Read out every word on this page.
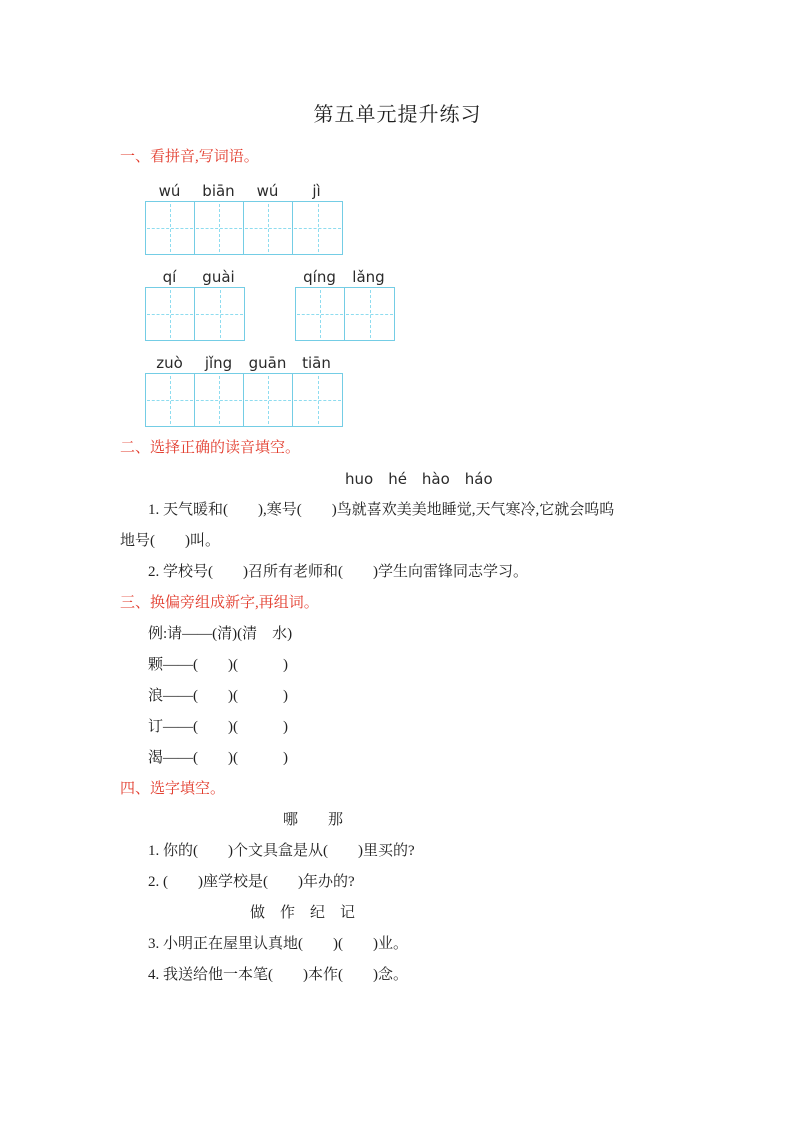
第五单元提升练习
一、看拼音,写词语。
wú	biān	wú	jì
qí	guài	qíng	lǎng
zuò	jǐng	guān	tiān
二、选择正确的读音填空。

huo　hé　hào　háo

1. 天气暖和(　　),寒号(　　)鸟就喜欢美美地睡觉,天气寒冷,它就会呜呜

地号(　　)叫。

2. 学校号(　　)召所有老师和(　　)学生向雷锋同志学习。

三、换偏旁组成新字,再组词。

例:请——(清)(清　水)

颗——(　　)(　　　)

浪——(　　)(　　　)

订——(　　)(　　　)

渴——(　　)(　　　)

四、选字填空。

哪　　那

1. 你的(　　)个文具盒是从(　　)里买的?

2. (　　)座学校是(　　)年办的?

做　作　纪　记

3. 小明正在屋里认真地(　　)(　　)业。

4. 我送给他一本笔(　　)本作(　　)念。
